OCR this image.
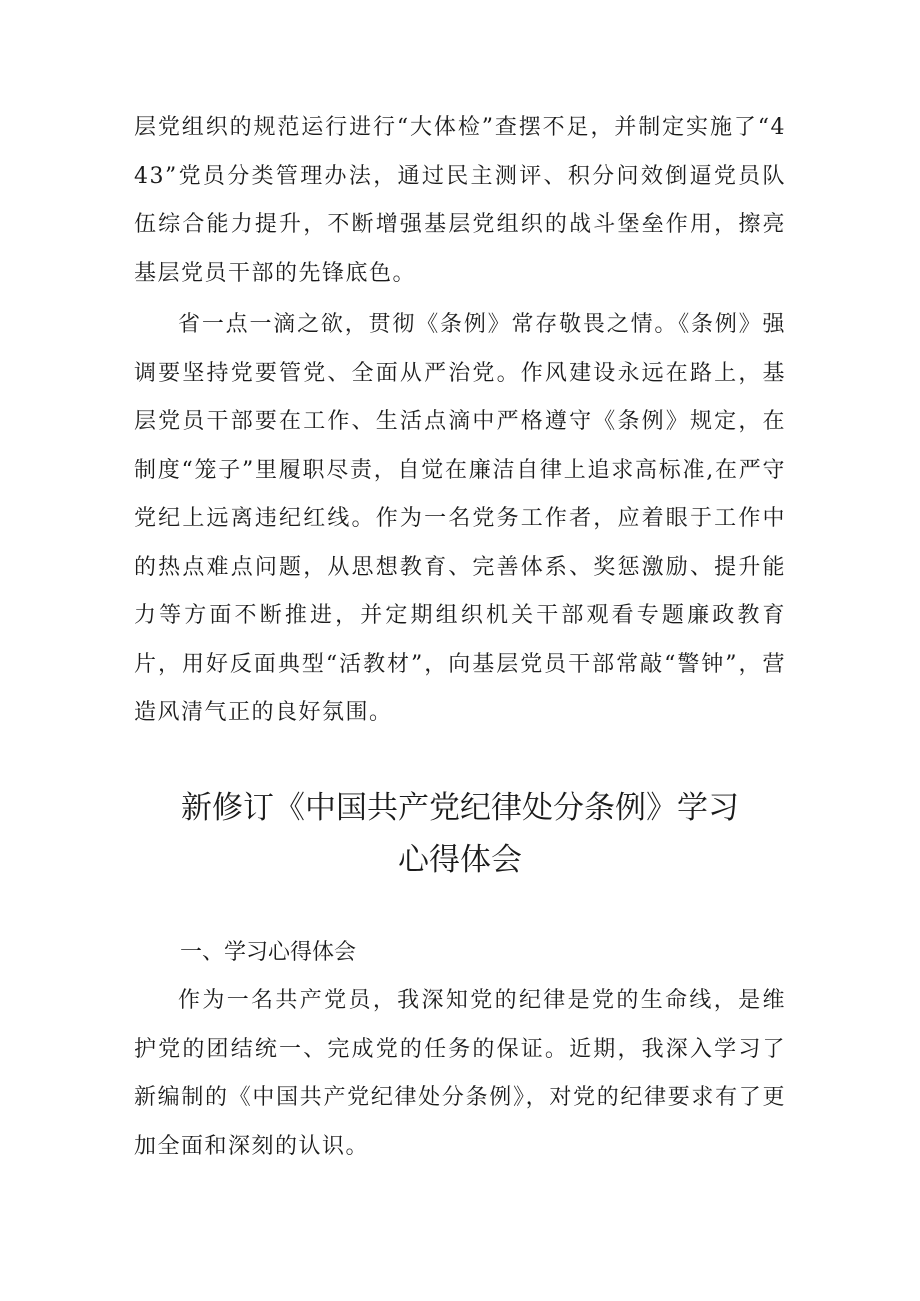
层党组织的规范运行进行“大体检”查摆不足，并制定实施了“443”党员分类管理办法，通过民主测评、积分问效倒逼党员队伍综合能力提升，不断增强基层党组织的战斗堡垒作用，擦亮基层党员干部的先锋底色。

省一点一滴之欲，贯彻《条例》常存敬畏之情。《条例》强调要坚持党要管党、全面从严治党。作风建设永远在路上，基层党员干部要在工作、生活点滴中严格遵守《条例》规定，在制度“笼子”里履职尽责，自觉在廉洁自律上追求高标准,在严守党纪上远离违纪红线。作为一名党务工作者，应着眼于工作中的热点难点问题，从思想教育、完善体系、奖惩激励、提升能力等方面不断推进，并定期组织机关干部观看专题廉政教育片，用好反面典型“活教材”，向基层党员干部常敲“警钟”，营造风清气正的良好氛围。

新修订《中国共产党纪律处分条例》学习
心得体会
一、学习心得体会

作为一名共产党员，我深知党的纪律是党的生命线，是维护党的团结统一、完成党的任务的保证。近期，我深入学习了新编制的《中国共产党纪律处分条例》，对党的纪律要求有了更加全面和深刻的认识。
